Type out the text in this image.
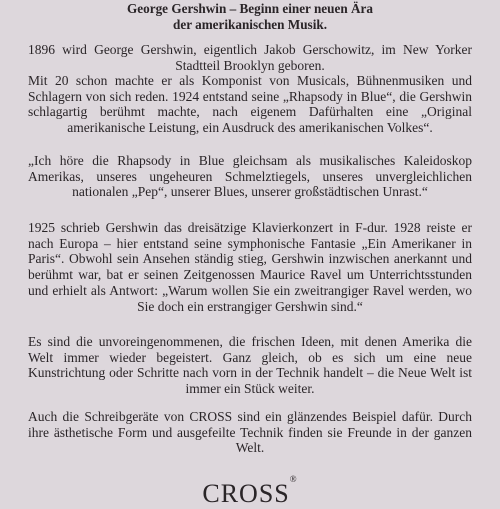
George Gershwin – Beginn einer neuen Ära
der amerikanischen Musik.

1896 wird George Gershwin, eigentlich Jakob Gerschowitz, im New Yorker Stadtteil Brooklyn geboren.

Mit 20 schon machte er als Komponist von Musicals, Bühnenmusiken und Schlagern von sich reden. 1924 entstand seine „Rhapsody in Blue“, die Gershwin schlagartig berühmt machte, nach eigenem Dafürhalten eine „Original amerikanische Leistung, ein Ausdruck des amerikanischen Volkes“.

„Ich höre die Rhapsody in Blue gleichsam als musikalisches Kaleidoskop Amerikas, unseres ungeheuren Schmelztiegels, unseres unvergleichlichen nationalen „Pep“, unserer Blues, unserer großstädtischen Unrast.“

1925 schrieb Gershwin das dreisätzige Klavierkonzert in F-dur. 1928 reiste er nach Europa – hier entstand seine symphonische Fantasie „Ein Amerikaner in Paris“. Obwohl sein Ansehen ständig stieg, Gershwin inzwischen anerkannt und berühmt war, bat er seinen Zeitgenossen Maurice Ravel um Unterrichtsstunden und erhielt als Antwort: „Warum wollen Sie ein zweitrangiger Ravel werden, wo Sie doch ein erstrangiger Gershwin sind.“

Es sind die unvoreingenommenen, die frischen Ideen, mit denen Amerika die Welt immer wieder begeistert. Ganz gleich, ob es sich um eine neue Kunstrichtung oder Schritte nach vorn in der Technik handelt – die Neue Welt ist immer ein Stück weiter.

Auch die Schreibgeräte von CROSS sind ein glänzendes Beispiel dafür. Durch ihre ästhetische Form und ausgefeilte Technik finden sie Freunde in der ganzen Welt.

CROSS®
